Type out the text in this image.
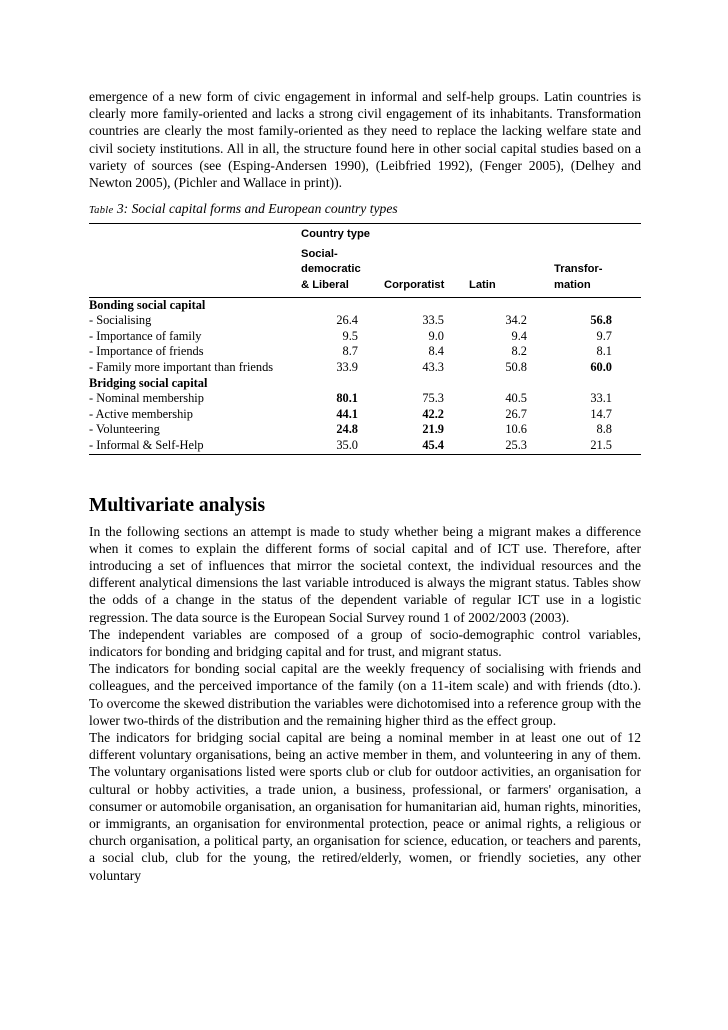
emergence of a new form of civic engagement in informal and self-help groups. Latin countries is clearly more family-oriented and lacks a strong civil engagement of its inhabitants. Transformation countries are clearly the most family-oriented as they need to replace the lacking welfare state and civil society institutions. All in all, the structure found here in other social capital studies based on a variety of sources (see (Esping-Andersen 1990), (Leibfried 1992), (Fenger 2005), (Delhey and Newton 2005), (Pichler and Wallace in print)).

Table 3: Social capital forms and European country types

	Country type			

	Social-
democratic
& Liberal	Corporatist	Latin	Transfor-
mation

Bonding social capital				
- Socialising	26.4	33.5	34.2	56.8
- Importance of family	9.5	9.0	9.4	9.7
- Importance of friends	8.7	8.4	8.2	8.1
- Family more important than friends	33.9	43.3	50.8	60.0
Bridging social capital				
- Nominal membership	80.1	75.3	40.5	33.1
- Active membership	44.1	42.2	26.7	14.7
- Volunteering	24.8	21.9	10.6	8.8
- Informal & Self-Help	35.0	45.4	25.3	21.5
Multivariate analysis

In the following sections an attempt is made to study whether being a migrant makes a difference when it comes to explain the different forms of social capital and of ICT use. Therefore, after introducing a set of influences that mirror the societal context, the individual resources and the different analytical dimensions the last variable introduced is always the migrant status. Tables show the odds of a change in the status of the dependent variable of regular ICT use in a logistic regression. The data source is the European Social Survey round 1 of 2002/2003 (2003).

The independent variables are composed of a group of socio-demographic control variables, indicators for bonding and bridging capital and for trust, and migrant status.

The indicators for bonding social capital are the weekly frequency of socialising with friends and colleagues, and the perceived importance of the family (on a 11-item scale) and with friends (dto.). To overcome the skewed distribution the variables were dichotomised into a reference group with the lower two-thirds of the distribution and the remaining higher third as the effect group.

The indicators for bridging social capital are being a nominal member in at least one out of 12 different voluntary organisations, being an active member in them, and volunteering in any of them. The voluntary organisations listed were sports club or club for outdoor activities, an organisation for cultural or hobby activities, a trade union, a business, professional, or farmers' organisation, a consumer or automobile organisation, an organisation for humanitarian aid, human rights, minorities, or immigrants, an organisation for environmental protection, peace or animal rights, a religious or church organisation, a political party, an organisation for science, education, or teachers and parents, a social club, club for the young, the retired/elderly, women, or friendly societies, any other voluntary
